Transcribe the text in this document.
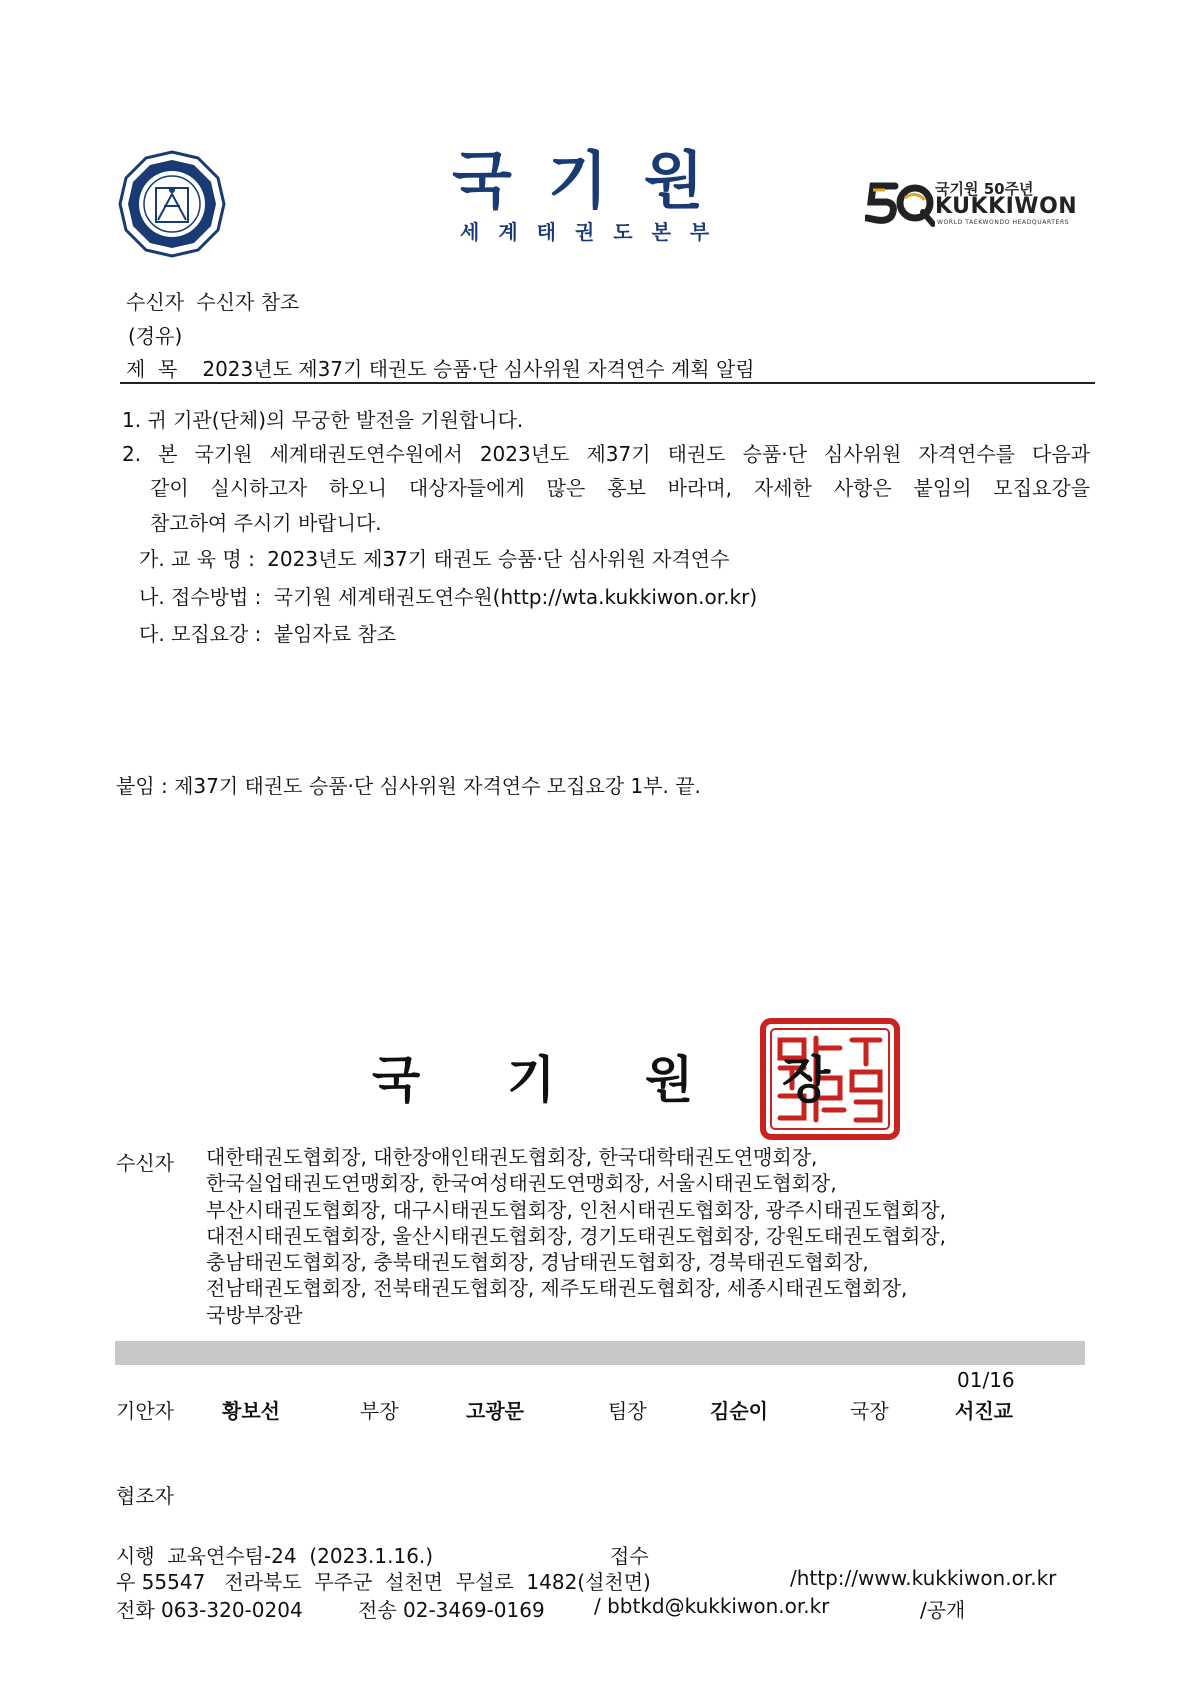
국기원
세계태권도본부
국기원 50주년
KUKKIWON
WORLD TAEKWONDO HEADQUARTERS
수신자 수신자 참조
(경유)
제  목 2023년도 제37기 태권도 승품·단 심사위원 자격연수 계획 알림
1. 귀 기관(단체)의 무궁한 발전을 기원합니다.
2. 본 국기원 세계태권도연수원에서 2023년도 제37기 태권도 승품·단 심사위원 자격연수를 다음과
같이 실시하고자 하오니 대상자들에게 많은 홍보 바라며, 자세한 사항은 붙임의 모집요강을
참고하여 주시기 바랍니다.
가. 교 육 명 : 2023년도 제37기 태권도 승품·단 심사위원 자격연수
나. 접수방법 : 국기원 세계태권도연수원(http://wta.kukkiwon.or.kr)
다. 모집요강 : 붙임자료 참조
붙임 : 제37기 태권도 승품·단 심사위원 자격연수 모집요강 1부. 끝.
국 기 원 장
수신자 대한태권도협회장, 대한장애인태권도협회장, 한국대학태권도연맹회장,
한국실업태권도연맹회장, 한국여성태권도연맹회장, 서울시태권도협회장,
부산시태권도협회장, 대구시태권도협회장, 인천시태권도협회장, 광주시태권도협회장,
대전시태권도협회장, 울산시태권도협회장, 경기도태권도협회장, 강원도태권도협회장,
충남태권도협회장, 충북태권도협회장, 경남태권도협회장, 경북태권도협회장,
전남태권도협회장, 전북태권도협회장, 제주도태권도협회장, 세종시태권도협회장,
국방부장관
01/16
기안자 황보선	부장	고광문	팀장	김순이	국장	서진교
협조자
시행  교육연수팀-24  (2023.1.16.)	접수
우 55547   전라북도  무주군  설천면  무설로  1482(설천면)	/http://www.kukkiwon.or.kr
전화 063-320-0204	전송 02-3469-0169 / bbtkd@kukkiwon.or.kr	/공개
